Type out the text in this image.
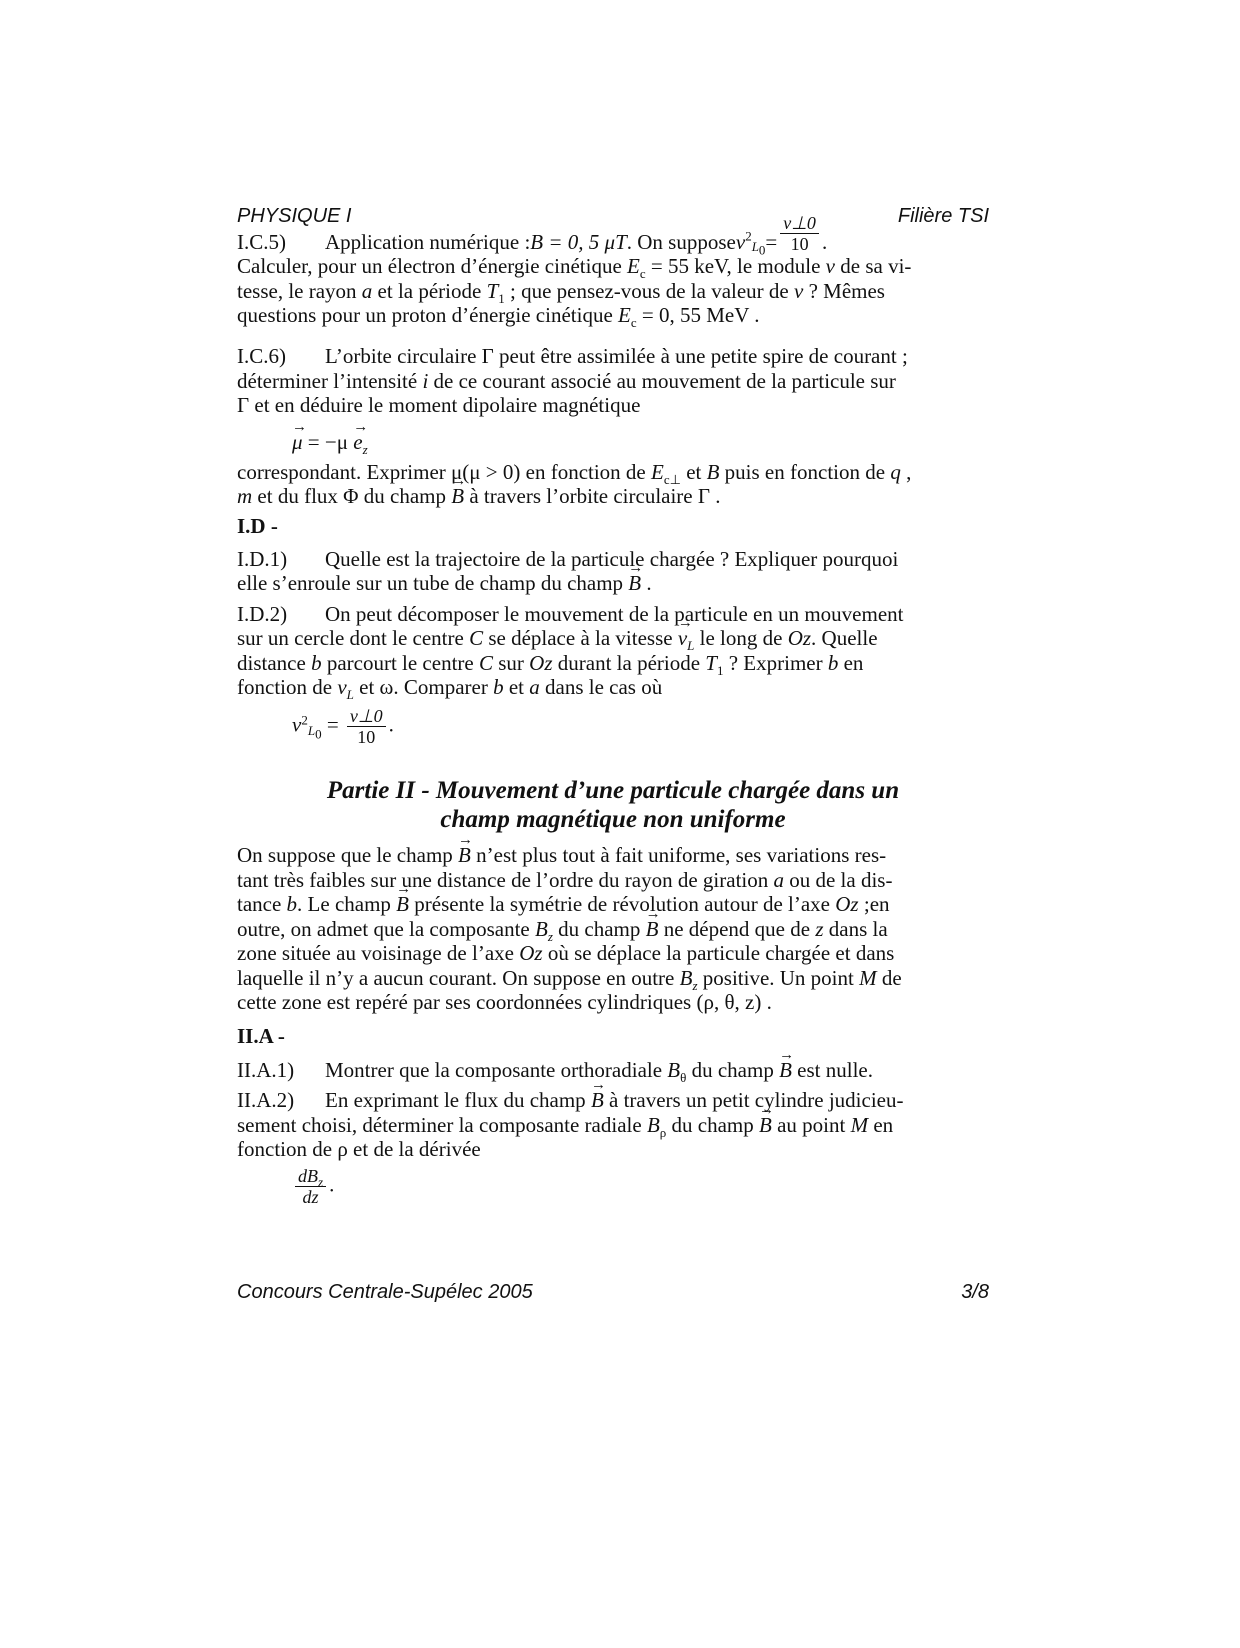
PHYSIQUE I	Filière TSI
I.C.5)	Application numérique : B = 0, 5 μT . On suppose v $^2_{L_0} = \frac{v\perp 0}{10}$ .
Calculer, pour un électron d’énergie cinétique $E_c = 55$ keV, le module v de sa vi-
tesse, le rayon a et la période $T_1$ ; que pensez-vous de la valeur de v ? Mêmes
questions pour un proton d’énergie cinétique $E_c = 0$, 55 MeV .
I.C.6) L’orbite circulaire Γ peut être assimilée à une petite spire de courant ;
déterminer l’intensité i de ce courant associé au mouvement de la particule sur
Γ et en déduire le moment dipolaire magnétique
→ $\mu = -\mu \to e_z$
correspondant. Exprimer μ(μ > 0) en fonction de $E_{c\perp}$ et B puis en fonction de q ,
m et du flux Φ du champ → B à travers l’orbite circulaire Γ .
I.D -
I.D.1) Quelle est la trajectoire de la particule chargée ? Expliquer pourquoi
elle s’enroule sur un tube de champ du champ → B .
I.D.2) On peut décomposer le mouvement de la particule en un mouvement
sur un cercle dont le centre C se déplace à la vitesse → $v_L$ le long de Oz. Quelle
distance b parcourt le centre C sur Oz durant la période $T_1$ ? Exprimer b en
fonction de $v_L$ et ω. Comparer b et a dans le cas où
$v^2_{L_0} = \frac{v\perp 0}{10}$ .
Partie II - Mouvement d’une particule chargée dans un
champ magnétique non uniforme
On suppose que le champ → B n’est plus tout à fait uniforme, ses variations res-
tant très faibles sur une distance de l’ordre du rayon de giration a ou de la dis-
tance b. Le champ → B présente la symétrie de révolution autour de l’axe Oz ;en
outre, on admet que la composante $B_z$ du champ → B ne dépend que de z dans la
zone située au voisinage de l’axe Oz où se déplace la particule chargée et dans
laquelle il n’y a aucun courant. On suppose en outre $B_z$ positive. Un point M de
cette zone est repéré par ses coordonnées cylindriques (ρ, θ, z) .
II.A -
II.A.1) Montrer que la composante orthoradiale $B_\theta$ du champ → B est nulle.
II.A.2) En exprimant le flux du champ → B à travers un petit cylindre judicieu-
sement choisi, déterminer la composante radiale $B_\rho$ du champ → B au point M en
fonction de ρ et de la dérivée
$\frac{dB_z}{dz}$ .
Concours Centrale-Supélec 2005	3/8
